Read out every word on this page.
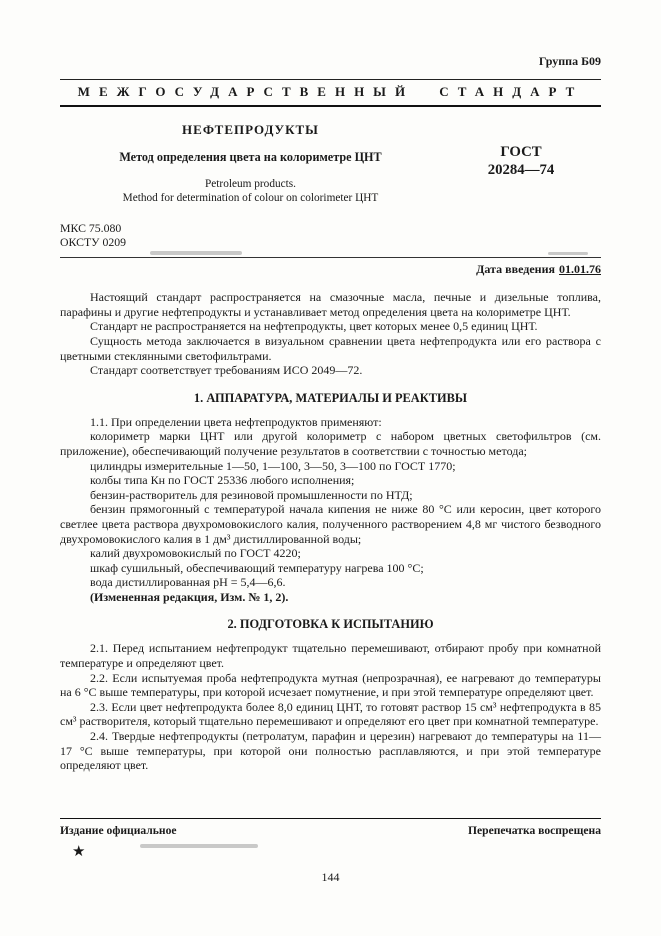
Группа Б09
МЕЖГОСУДАРСТВЕННЫЙ СТАНДАРТ
НЕФТЕПРОДУКТЫ
Метод определения цвета на колориметре ЦНТ
Petroleum products.
Method for determination of colour on colorimeter ЦНТ
ГОСТ
20284—74
МКС 75.080
ОКСТУ 0209
Дата введения 01.01.76

Настоящий стандарт распространяется на смазочные масла, печные и дизельные топлива, парафины и другие нефтепродукты и устанавливает метод определения цвета на колориметре ЦНТ.

Стандарт не распространяется на нефтепродукты, цвет которых менее 0,5 единиц ЦНТ.

Сущность метода заключается в визуальном сравнении цвета нефтепродукта или его раствора с цветными стеклянными светофильтрами.

Стандарт соответствует требованиям ИСО 2049—72.

1. АППАРАТУРА, МАТЕРИАЛЫ И РЕАКТИВЫ

1.1. При определении цвета нефтепродуктов применяют:

колориметр марки ЦНТ или другой колориметр с набором цветных светофильтров (см. приложение), обеспечивающий получение результатов в соответствии с точностью метода;

цилиндры измерительные 1—50, 1—100, 3—50, 3—100 по ГОСТ 1770;

колбы типа Кн по ГОСТ 25336 любого исполнения;

бензин-растворитель для резиновой промышленности по НТД;

бензин прямогонный с температурой начала кипения не ниже 80 °С или керосин, цвет которого светлее цвета раствора двухромовокислого калия, полученного растворением 4,8 мг чистого безводного двухромовокислого калия в 1 дм³ дистиллированной воды;

калий двухромовокислый по ГОСТ 4220;

шкаф сушильный, обеспечивающий температуру нагрева 100 °С;

вода дистиллированная рН = 5,4—6,6.

(Измененная редакция, Изм. № 1, 2).

2. ПОДГОТОВКА К ИСПЫТАНИЮ

2.1. Перед испытанием нефтепродукт тщательно перемешивают, отбирают пробу при комнатной температуре и определяют цвет.

2.2. Если испытуемая проба нефтепродукта мутная (непрозрачная), ее нагревают до температуры на 6 °С выше температуры, при которой исчезает помутнение, и при этой температуре определяют цвет.

2.3. Если цвет нефтепродукта более 8,0 единиц ЦНТ, то готовят раствор 15 см³ нефтепродукта в 85 см³ растворителя, который тщательно перемешивают и определяют его цвет при комнатной температуре.

2.4. Твердые нефтепродукты (петролатум, парафин и церезин) нагревают до температуры на 11—17 °С выше температуры, при которой они полностью расплавляются, и при этой температуре определяют цвет.

Издание официальное	Перепечатка воспрещена
★
144
